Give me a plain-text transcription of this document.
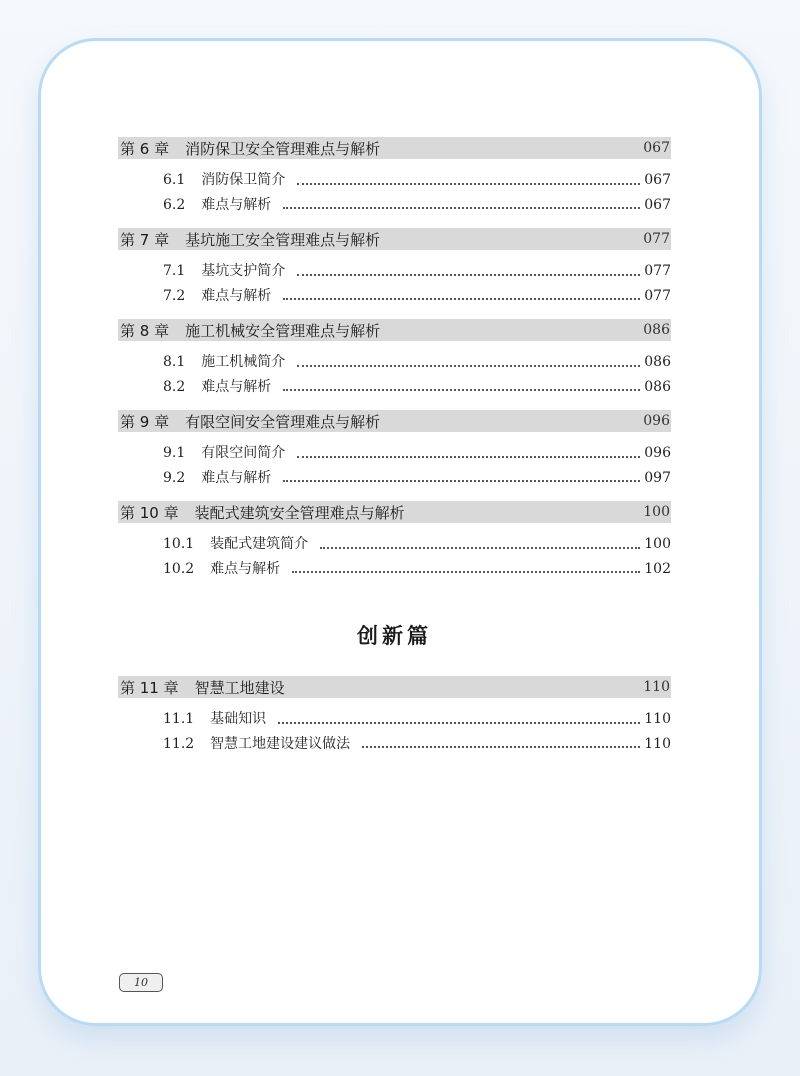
第 6 章 消防保卫安全管理难点与解析	067
6.1 消防保卫简介	067
6.2 难点与解析	067
第 7 章 基坑施工安全管理难点与解析	077
7.1 基坑支护简介	077
7.2 难点与解析	077
第 8 章 施工机械安全管理难点与解析	086
8.1 施工机械简介	086
8.2 难点与解析	086
第 9 章 有限空间安全管理难点与解析	096
9.1 有限空间简介	096
9.2 难点与解析	097
第 10 章 装配式建筑安全管理难点与解析	100
10.1 装配式建筑简介	100
10.2 难点与解析	102
创新篇
第 11 章 智慧工地建设	110
11.1 基础知识	110
11.2 智慧工地建设建议做法	110
10
